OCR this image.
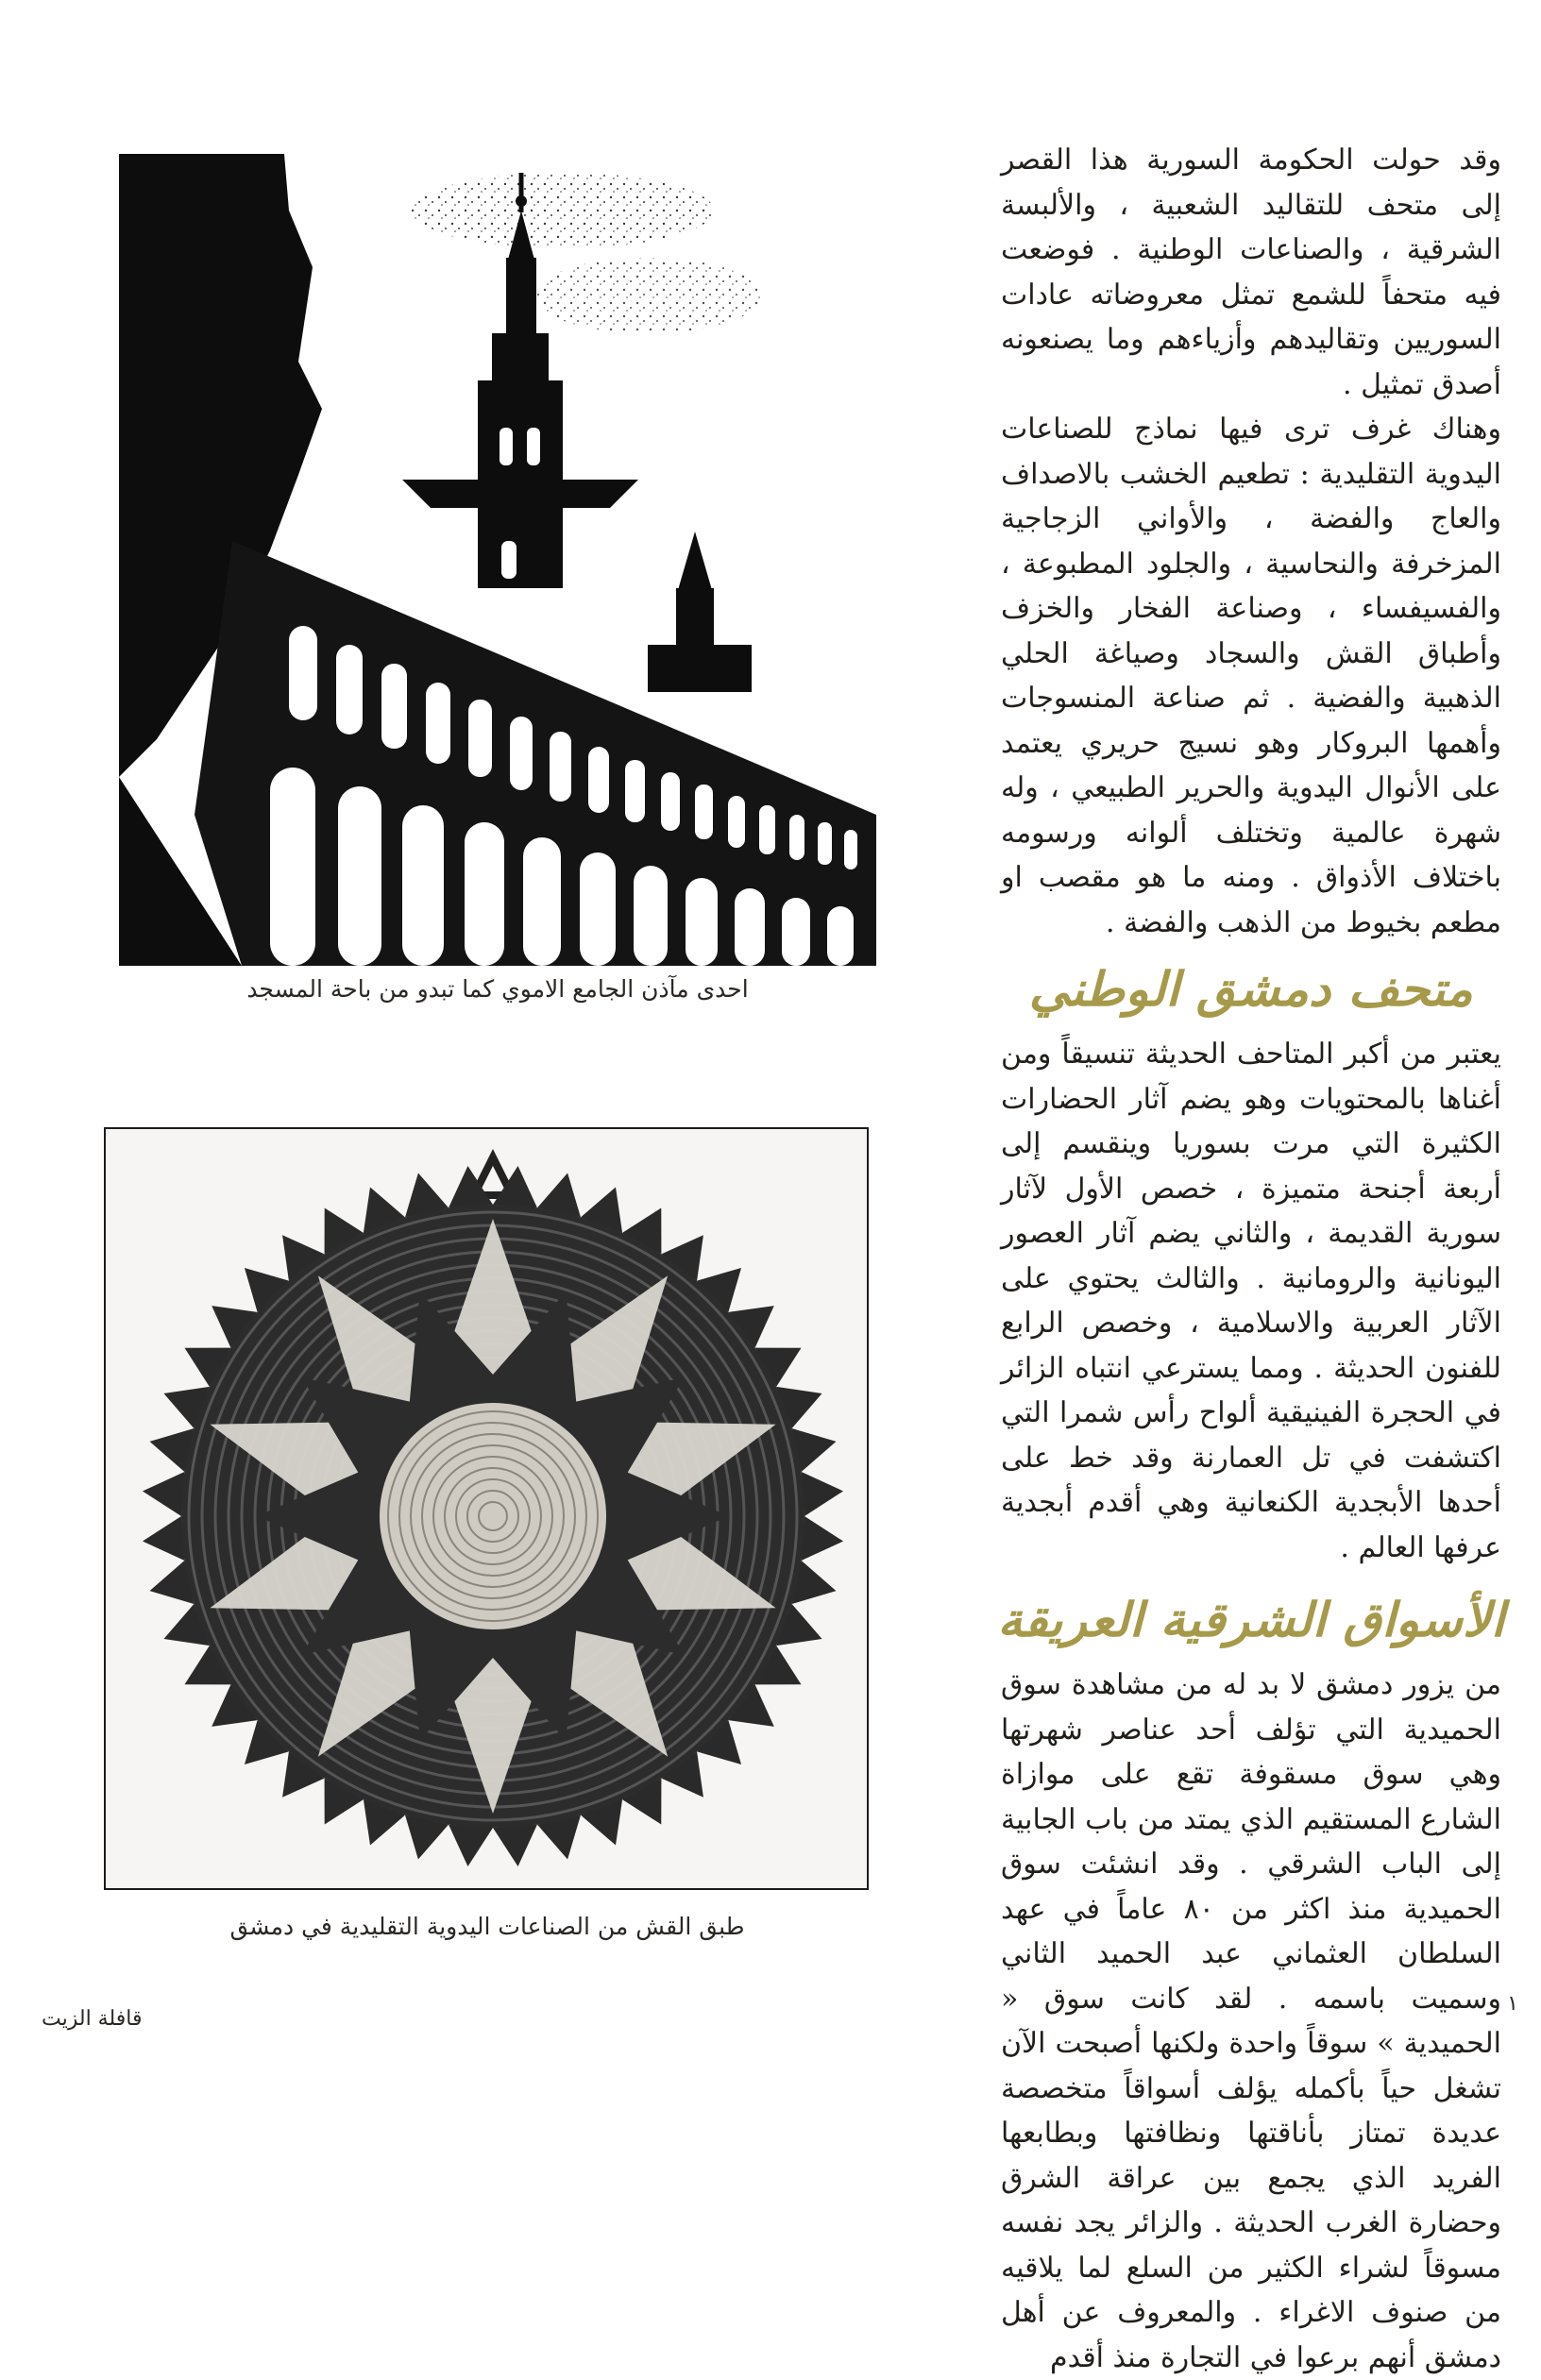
وقد حولت الحكومة السورية هذا القصر إلى متحف للتقاليد الشعبية ، والألبسة الشرقية ، والصناعات الوطنية . فوضعت فيه متحفاً للشمع تمثل معروضاته عادات السوريين وتقاليدهم وأزياءهم وما يصنعونه أصدق تمثيل .

وهناك غرف ترى فيها نماذج للصناعات اليدوية التقليدية : تطعيم الخشب بالاصداف والعاج والفضة ، والأواني الزجاجية المزخرفة والنحاسية ، والجلود المطبوعة ، والفسيفساء ، وصناعة الفخار والخزف وأطباق القش والسجاد وصياغة الحلي الذهبية والفضية . ثم صناعة المنسوجات وأهمها البروكار وهو نسيج حريري يعتمد على الأنوال اليدوية والحرير الطبيعي ، وله شهرة عالمية وتختلف ألوانه ورسومه باختلاف الأذواق . ومنه ما هو مقصب او مطعم بخيوط من الذهب والفضة .

متحف دمشق الوطني

يعتبر من أكبر المتاحف الحديثة تنسيقاً ومن أغناها بالمحتويات وهو يضم آثار الحضارات الكثيرة التي مرت بسوريا وينقسم إلى أربعة أجنحة متميزة ، خصص الأول لآثار سورية القديمة ، والثاني يضم آثار العصور اليونانية والرومانية . والثالث يحتوي على الآثار العربية والاسلامية ، وخصص الرابع للفنون الحديثة . ومما يسترعي انتباه الزائر في الحجرة الفينيقية ألواح رأس شمرا التي اكتشفت في تل العمارنة وقد خط على أحدها الأبجدية الكنعانية وهي أقدم أبجدية عرفها العالم .

الأسواق الشرقية العريقة

من يزور دمشق لا بد له من مشاهدة سوق الحميدية التي تؤلف أحد عناصر شهرتها وهي سوق مسقوفة تقع على موازاة الشارع المستقيم الذي يمتد من باب الجابية إلى الباب الشرقي . وقد انشئت سوق الحميدية منذ اكثر من ٨٠ عاماً في عهد السلطان العثماني عبد الحميد الثاني وسميت باسمه . لقد كانت سوق « الحميدية » سوقاً واحدة ولكنها أصبحت الآن تشغل حياً بأكمله يؤلف أسواقاً متخصصة عديدة تمتاز بأناقتها ونظافتها وبطابعها الفريد الذي يجمع بين عراقة الشرق وحضارة الغرب الحديثة . والزائر يجد نفسه مسوقاً لشراء الكثير من السلع لما يلاقيه من صنوف الاغراء . والمعروف عن أهل دمشق أنهم برعوا في التجارة منذ أقدم

احدى مآذن الجامع الاموي كما تبدو من باحة المسجد
طبق القش من الصناعات اليدوية التقليدية في دمشق
قافلة الزيت
١
